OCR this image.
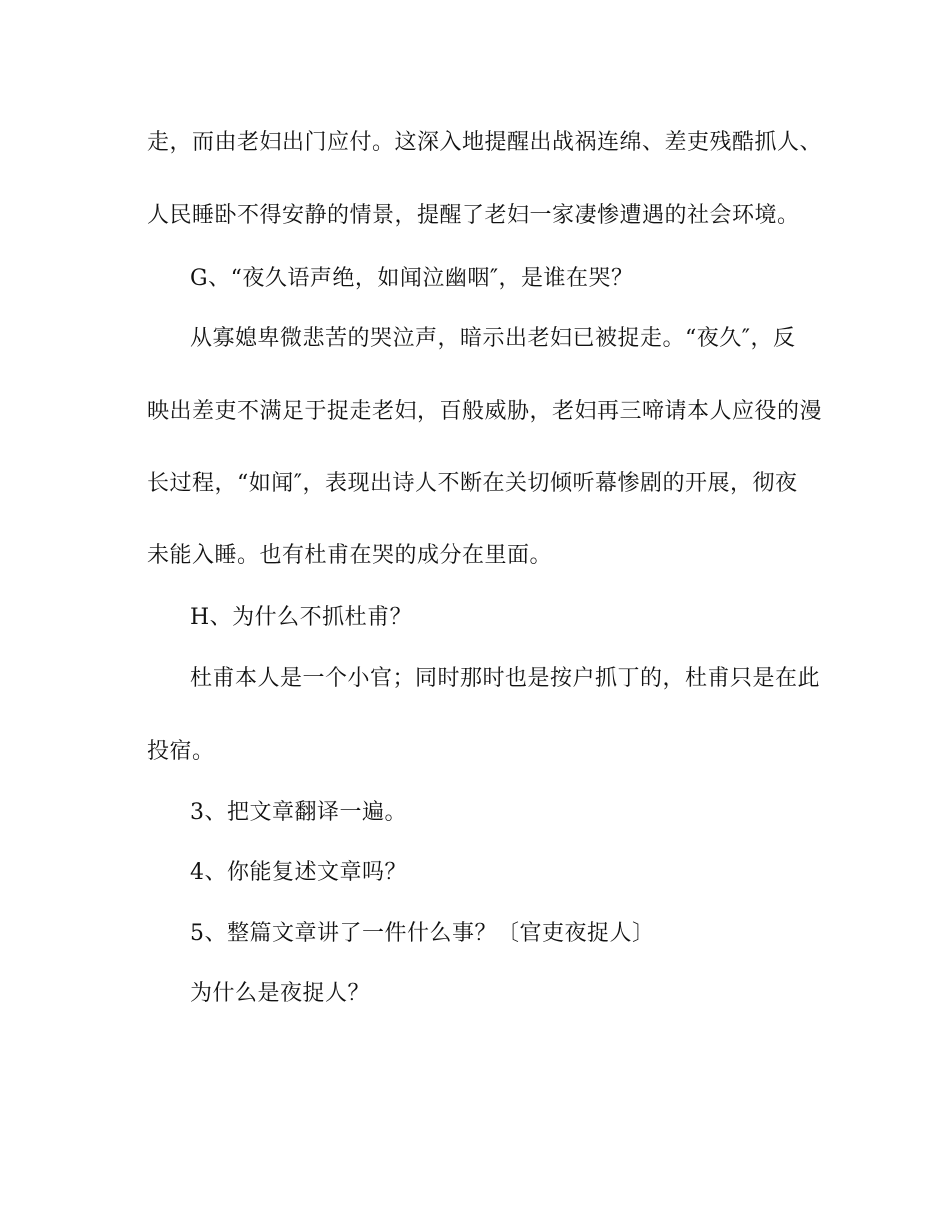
走，而由老妇出门应付。这深入地提醒出战祸连绵、差吏残酷抓人、
人民睡卧不得安静的情景，提醒了老妇一家凄惨遭遇的社会环境。
G、“夜久语声绝，如闻泣幽咽″，是谁在哭？
从寡媳卑微悲苦的哭泣声，暗示出老妇已被捉走。“夜久″，反
映出差吏不满足于捉走老妇，百般威胁，老妇再三啼请本人应役的漫
长过程，“如闻″，表现出诗人不断在关切倾听幕惨剧的开展，彻夜
未能入睡。也有杜甫在哭的成分在里面。
H、为什么不抓杜甫？
杜甫本人是一个小官；同时那时也是按户抓丁的，杜甫只是在此
投宿。
3、把文章翻译一遍。
4、你能复述文章吗？
5、整篇文章讲了一件什么事？〔官吏夜捉人〕
为什么是夜捉人？
